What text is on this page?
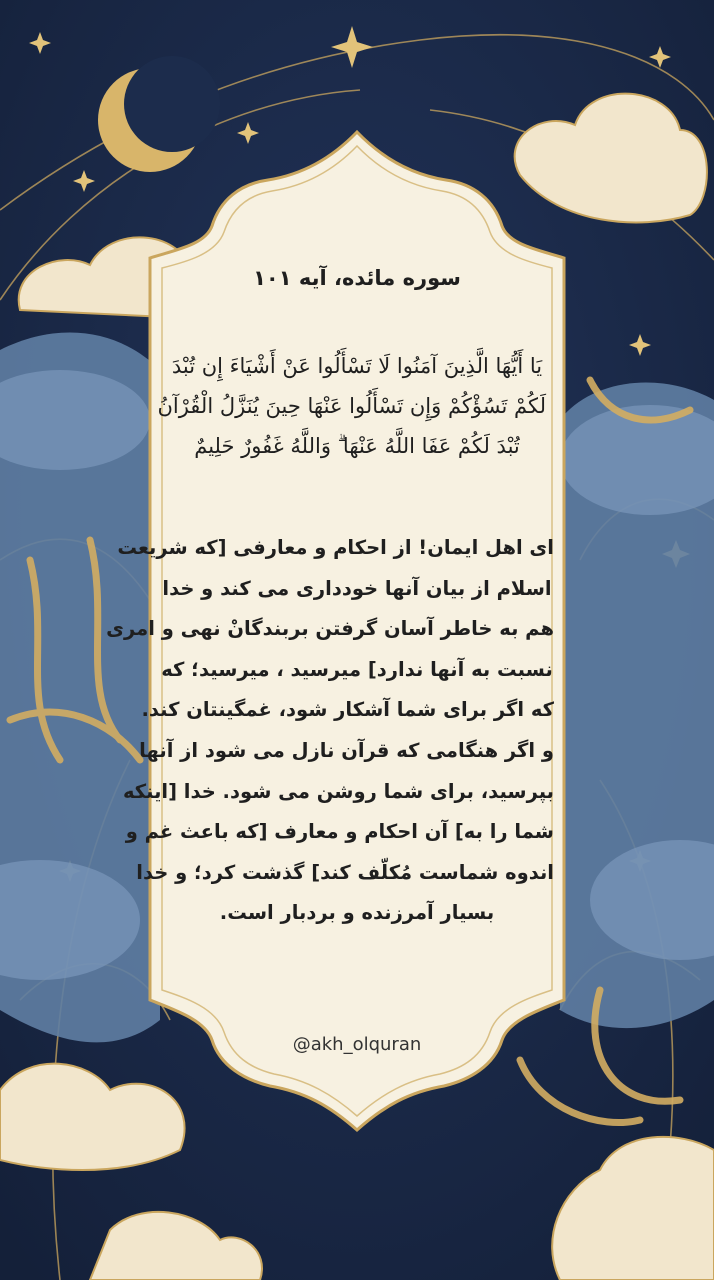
سوره مائده، آیه ۱۰۱
يَا أَيُّهَا الَّذِينَ آمَنُوا لَا تَسْأَلُوا عَنْ أَشْيَاءَ إِن تُبْدَ
لَكُمْ تَسُؤْكُمْ وَإِن تَسْأَلُوا عَنْهَا حِينَ يُنَزَّلُ الْقُرْآنُ
تُبْدَ لَكُمْ عَفَا اللَّهُ عَنْهَا ۗ وَاللَّهُ غَفُورٌ حَلِيمٌ
ای اهل ایمان! از احکام و معارفی [که شریعت
اسلام از بیان آنها خودداری می کند و خدا
هم به خاطر آسان گرفتن بربندگانْ نهی و امری
نسبت به آنها ندارد] میرسید ، میرسید؛ که
که اگر برای شما آشکار شود، غمگینتان کند.
و اگر هنگامی که قرآن نازل می شود از آنها
بپرسید، برای شما روشن می شود. خدا [اینکه
شما را به] آن احکام و معارف [که باعث غم و
اندوه شماست مُکلّف کند] گذشت کرد؛ و خدا
بسیار آمرزنده و بردبار است.
@akh_olquran
